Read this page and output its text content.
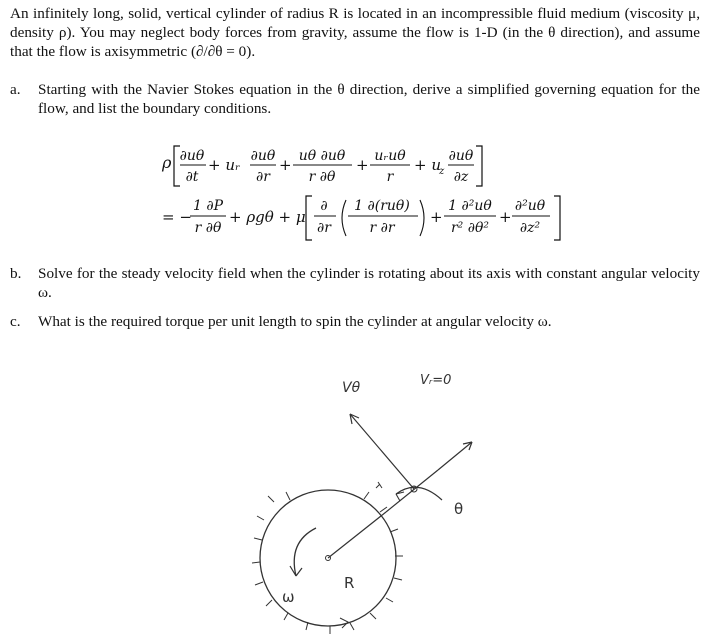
An infinitely long, solid, vertical cylinder of radius R is located in an incompressible fluid medium (viscosity μ, density ρ). You may neglect body forces from gravity, assume the flow is 1-D (in the θ direction), and assume that the flow is axisymmetric (∂/∂θ = 0).
a.	Starting with the Navier Stokes equation in the θ direction, derive a simplified governing equation for the flow, and list the boundary conditions.
ρ ∂uθ
∂t
+ uᵣ ∂uθ
∂r
+ uθ ∂uθ
r ∂θ
+ uᵣuθ
r
+ u
z
∂uθ
∂z
= −
1 ∂P
r ∂θ
+ ρgθ + μ
∂
∂r
1 ∂(ruθ)
r ∂r
+
1 ∂²uθ
r² ∂θ²
+
∂²uθ
∂z²
b.	Solve for the steady velocity field when the cylinder is rotating about its axis with constant angular velocity ω.
c.	What is the required torque per unit length to spin the cylinder at angular velocity ω.
Vθ	Vᵣ=0
θ
ω
R
